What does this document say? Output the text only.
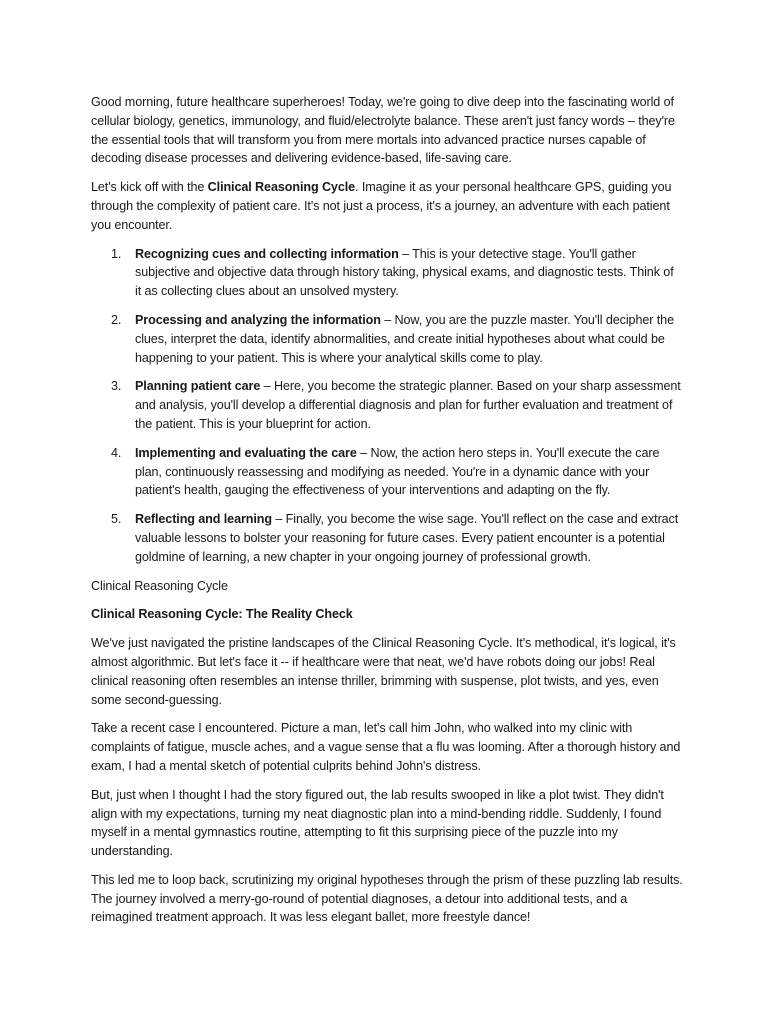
Good morning, future healthcare superheroes! Today, we're going to dive deep into the fascinating world of cellular biology, genetics, immunology, and fluid/electrolyte balance. These aren't just fancy words – they're the essential tools that will transform you from mere mortals into advanced practice nurses capable of decoding disease processes and delivering evidence-based, life-saving care.

Let's kick off with the Clinical Reasoning Cycle. Imagine it as your personal healthcare GPS, guiding you through the complexity of patient care. It's not just a process, it's a journey, an adventure with each patient you encounter.

1. Recognizing cues and collecting information – This is your detective stage. You'll gather subjective and objective data through history taking, physical exams, and diagnostic tests. Think of it as collecting clues about an unsolved mystery.
2. Processing and analyzing the information – Now, you are the puzzle master. You'll decipher the clues, interpret the data, identify abnormalities, and create initial hypotheses about what could be happening to your patient. This is where your analytical skills come to play.
3. Planning patient care – Here, you become the strategic planner. Based on your sharp assessment and analysis, you'll develop a differential diagnosis and plan for further evaluation and treatment of the patient. This is your blueprint for action.
4. Implementing and evaluating the care – Now, the action hero steps in. You'll execute the care plan, continuously reassessing and modifying as needed. You're in a dynamic dance with your patient's health, gauging the effectiveness of your interventions and adapting on the fly.
5. Reflecting and learning – Finally, you become the wise sage. You'll reflect on the case and extract valuable lessons to bolster your reasoning for future cases. Every patient encounter is a potential goldmine of learning, a new chapter in your ongoing journey of professional growth.

Clinical Reasoning Cycle

Clinical Reasoning Cycle: The Reality Check

We've just navigated the pristine landscapes of the Clinical Reasoning Cycle. It's methodical, it's logical, it's almost algorithmic. But let's face it -- if healthcare were that neat, we'd have robots doing our jobs! Real clinical reasoning often resembles an intense thriller, brimming with suspense, plot twists, and yes, even some second-guessing.

Take a recent case I encountered. Picture a man, let's call him John, who walked into my clinic with complaints of fatigue, muscle aches, and a vague sense that a flu was looming. After a thorough history and exam, I had a mental sketch of potential culprits behind John's distress.

But, just when I thought I had the story figured out, the lab results swooped in like a plot twist. They didn't align with my expectations, turning my neat diagnostic plan into a mind-bending riddle. Suddenly, I found myself in a mental gymnastics routine, attempting to fit this surprising piece of the puzzle into my understanding.

This led me to loop back, scrutinizing my original hypotheses through the prism of these puzzling lab results. The journey involved a merry-go-round of potential diagnoses, a detour into additional tests, and a reimagined treatment approach. It was less elegant ballet, more freestyle dance!
